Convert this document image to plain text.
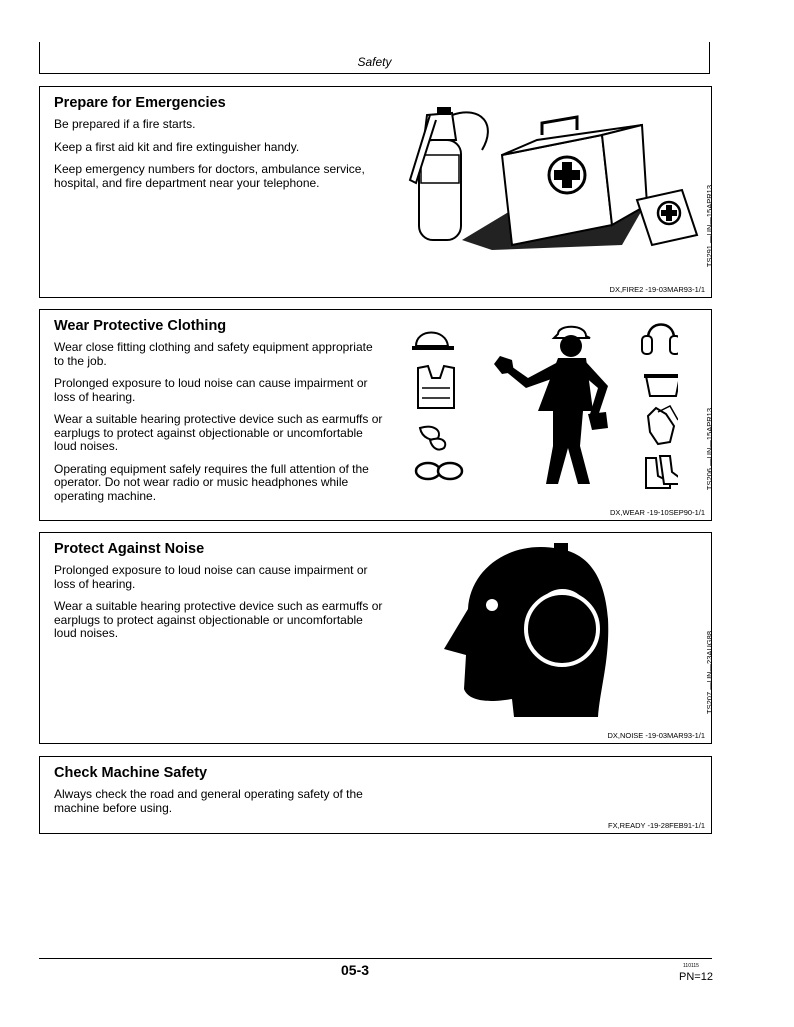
Safety
Prepare for Emergencies

Be prepared if a fire starts.

Keep a first aid kit and fire extinguisher handy.

Keep emergency numbers for doctors, ambulance service, hospital, and fire department near your telephone.

TS291 —UN—15APR13
DX,FIRE2 -19-03MAR93-1/1
Wear Protective Clothing

Wear close fitting clothing and safety equipment appropriate to the job.

Prolonged exposure to loud noise can cause impairment or loss of hearing.

Wear a suitable hearing protective device such as earmuffs or earplugs to protect against objectionable or uncomfortable loud noises.

Operating equipment safely requires the full attention of the operator. Do not wear radio or music headphones while operating machine.

TS206 —UN—15APR13
DX,WEAR -19-10SEP90-1/1
Protect Against Noise

Prolonged exposure to loud noise can cause impairment or loss of hearing.

Wear a suitable hearing protective device such as earmuffs or earplugs to protect against objectionable or uncomfortable loud noises.	TS207 —UN—23AUG88
DX,NOISE -19-03MAR93-1/1
Check Machine Safety

Always check the road and general operating safety of the machine before using.

FX,READY -19-28FEB91-1/1
05-3	110115
PN=12
